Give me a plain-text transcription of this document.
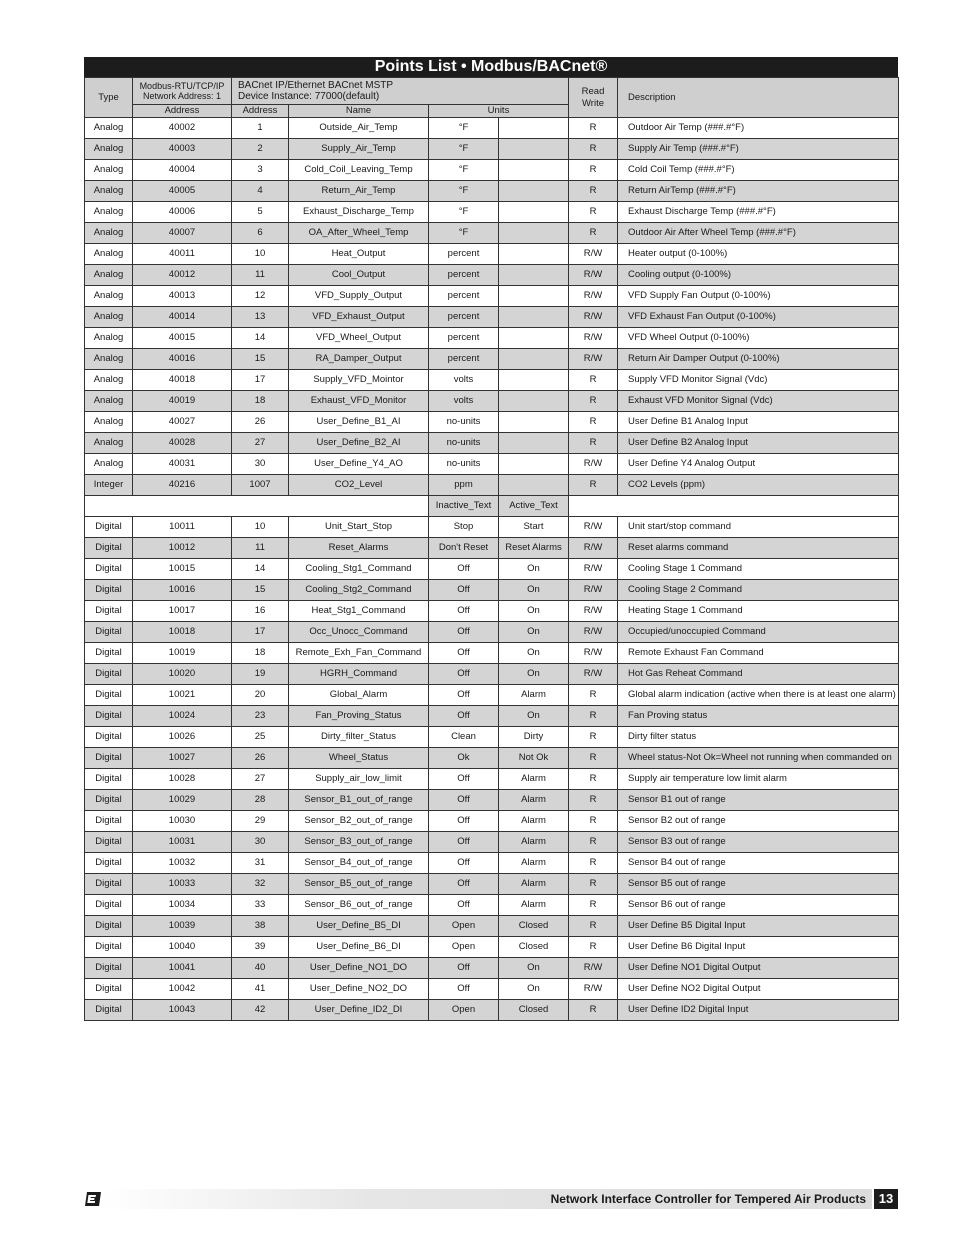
Points List • Modbus/BACnet®
Type	Modbus-RTU/TCP/IP
Network Address: 1	BACnet IP/Ethernet BACnet MSTP
Device Instance: 77000(default)				Read
Write	Description
	Address	Address	Name	Units			
Analog	40002	1	Outside_Air_Temp	°F		R	Outdoor Air Temp (###.#°F)
Analog	40003	2	Supply_Air_Temp	°F		R	Supply Air Temp (###.#°F)
Analog	40004	3	Cold_Coil_Leaving_Temp	°F		R	Cold Coil Temp (###.#°F)
Analog	40005	4	Return_Air_Temp	°F		R	Return AirTemp (###.#°F)
Analog	40006	5	Exhaust_Discharge_Temp	°F		R	Exhaust Discharge Temp (###.#°F)
Analog	40007	6	OA_After_Wheel_Temp	°F		R	Outdoor Air After Wheel Temp (###.#°F)
Analog	40011	10	Heat_Output	percent		R/W	Heater output (0-100%)
Analog	40012	11	Cool_Output	percent		R/W	Cooling output (0-100%)
Analog	40013	12	VFD_Supply_Output	percent		R/W	VFD Supply Fan Output (0-100%)
Analog	40014	13	VFD_Exhaust_Output	percent		R/W	VFD Exhaust Fan Output (0-100%)
Analog	40015	14	VFD_Wheel_Output	percent		R/W	VFD Wheel Output (0-100%)
Analog	40016	15	RA_Damper_Output	percent		R/W	Return Air Damper Output (0-100%)
Analog	40018	17	Supply_VFD_Mointor	volts		R	Supply VFD Monitor Signal (Vdc)
Analog	40019	18	Exhaust_VFD_Monitor	volts		R	Exhaust VFD Monitor Signal (Vdc)
Analog	40027	26	User_Define_B1_AI	no-units		R	User Define B1 Analog Input
Analog	40028	27	User_Define_B2_AI	no-units		R	User Define B2 Analog Input
Analog	40031	30	User_Define_Y4_AO	no-units		R/W	User Define Y4 Analog Output
Integer	40216	1007	CO2_Level	ppm		R	CO2 Levels (ppm)
				Inactive_Text	Active_Text		
Digital	10011	10	Unit_Start_Stop	Stop	Start	R/W	Unit start/stop command
Digital	10012	11	Reset_Alarms	Don't Reset	Reset Alarms	R/W	Reset alarms command
Digital	10015	14	Cooling_Stg1_Command	Off	On	R/W	Cooling Stage 1 Command
Digital	10016	15	Cooling_Stg2_Command	Off	On	R/W	Cooling Stage 2 Command
Digital	10017	16	Heat_Stg1_Command	Off	On	R/W	Heating Stage 1 Command
Digital	10018	17	Occ_Unocc_Command	Off	On	R/W	Occupied/unoccupied Command
Digital	10019	18	Remote_Exh_Fan_Command	Off	On	R/W	Remote Exhaust Fan Command
Digital	10020	19	HGRH_Command	Off	On	R/W	Hot Gas Reheat Command
Digital	10021	20	Global_Alarm	Off	Alarm	R	Global alarm indication (active when there is at least one alarm)
Digital	10024	23	Fan_Proving_Status	Off	On	R	Fan Proving status
Digital	10026	25	Dirty_filter_Status	Clean	Dirty	R	Dirty filter status
Digital	10027	26	Wheel_Status	Ok	Not Ok	R	Wheel status-Not Ok=Wheel not running when commanded on
Digital	10028	27	Supply_air_low_limit	Off	Alarm	R	Supply air temperature low limit alarm
Digital	10029	28	Sensor_B1_out_of_range	Off	Alarm	R	Sensor B1 out of range
Digital	10030	29	Sensor_B2_out_of_range	Off	Alarm	R	Sensor B2 out of range
Digital	10031	30	Sensor_B3_out_of_range	Off	Alarm	R	Sensor B3 out of range
Digital	10032	31	Sensor_B4_out_of_range	Off	Alarm	R	Sensor B4 out of range
Digital	10033	32	Sensor_B5_out_of_range	Off	Alarm	R	Sensor B5 out of range
Digital	10034	33	Sensor_B6_out_of_range	Off	Alarm	R	Sensor B6 out of range
Digital	10039	38	User_Define_B5_DI	Open	Closed	R	User Define B5 Digital Input
Digital	10040	39	User_Define_B6_DI	Open	Closed	R	User Define B6 Digital Input
Digital	10041	40	User_Define_NO1_DO	Off	On	R/W	User Define NO1 Digital Output
Digital	10042	41	User_Define_NO2_DO	Off	On	R/W	User Define NO2 Digital Output
Digital	10043	42	User_Define_ID2_DI	Open	Closed	R	User Define ID2 Digital Input
Network Interface Controller for Tempered Air Products 13
